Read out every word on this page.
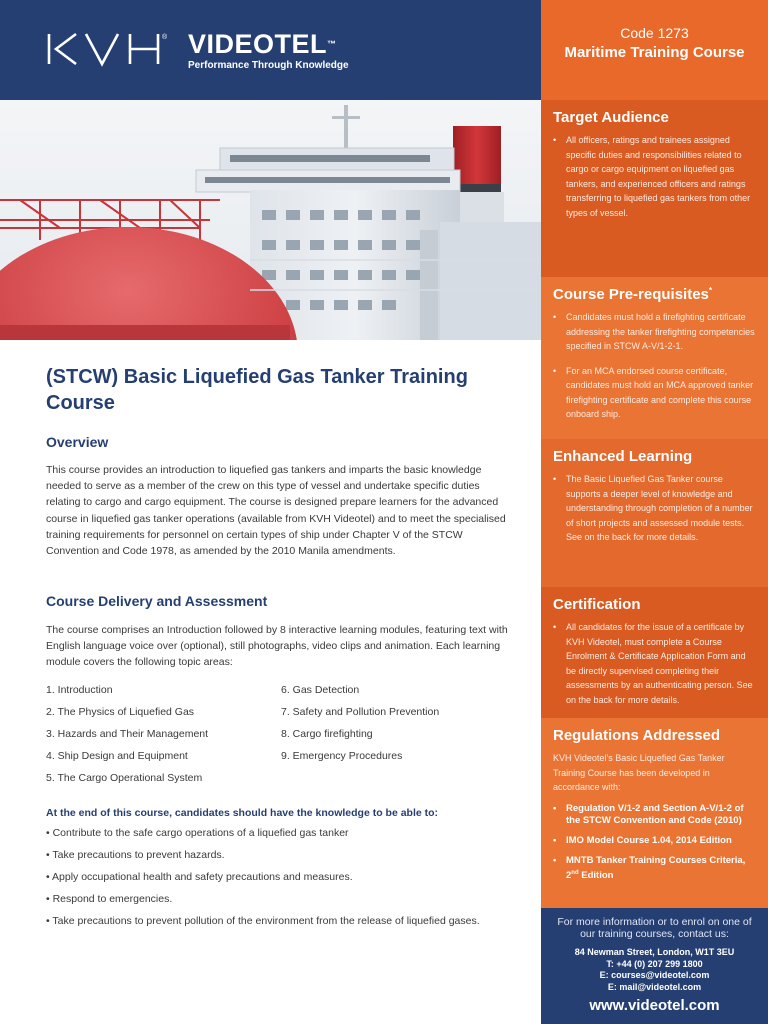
® VIDEOTEL™
Performance Through Knowledge
Code 1273
Maritime Training Course
Target Audience
• All officers, ratings and trainees assigned specific duties and responsibilities related to cargo or cargo equipment on liquefied gas tankers, and experienced officers and ratings transferring to liquefied gas tankers from other types of vessel.
Course Pre-requisites*
• Candidates must hold a firefighting certificate addressing the tanker firefighting competencies specified in STCW A-V/1-2-1.
• For an MCA endorsed course certificate, candidates must hold an MCA approved tanker firefighting certificate and complete this course onboard ship.
Enhanced Learning
• The Basic Liquefied Gas Tanker course supports a deeper level of knowledge and understanding through completion of a number of short projects and assessed module tests. See on the back for more details.
Certification
• All candidates for the issue of a certificate by KVH Videotel, must complete a Course Enrolment & Certificate Application Form and be directly supervised completing their assessments by an authenticating person. See on the back for more details.
Regulations Addressed

KVH Videotel’s Basic Liquefied Gas Tanker Training Course has been developed in accordance with:

• Regulation V/1-2 and Section A-V/1-2 of the STCW Convention and Code (2010)
• IMO Model Course 1.04, 2014 Edition
• MNTB Tanker Training Courses Criteria, 2nd Edition
For more information or to enrol on one of our training courses, contact us:
84 Newman Street, London, W1T 3EU
T: +44 (0) 207 299 1800
E: courses@videotel.com
E: mail@videotel.com
www.videotel.com
(STCW) Basic Liquefied Gas Tanker Training Course
Overview
This course provides an introduction to liquefied gas tankers and imparts the basic knowledge needed to serve as a member of the crew on this type of vessel and undertake specific duties relating to cargo and cargo equipment. The course is designed prepare learners for the advanced course in liquefied gas tanker operations (available from KVH Videotel) and to meet the specialised training requirements for personnel on certain types of ship under Chapter V of the STCW Convention and Code 1978, as amended by the 2010 Manila amendments.
Course Delivery and Assessment
The course comprises an Introduction followed by 8 interactive learning modules, featuring text with English language voice over (optional), still photographs, video clips and animation. Each learning module covers the following topic areas:
1. Introduction
2. The Physics of Liquefied Gas
3. Hazards and Their Management
4. Ship Design and Equipment
5. The Cargo Operational System
6. Gas Detection
7. Safety and Pollution Prevention
8. Cargo firefighting
9. Emergency Procedures
At the end of this course, candidates should have the knowledge to be able to:
• Contribute to the safe cargo operations of a liquefied gas tanker
• Take precautions to prevent hazards.
• Apply occupational health and safety precautions and measures.
• Respond to emergencies.
• Take precautions to prevent pollution of the environment from the release of liquefied gases.
